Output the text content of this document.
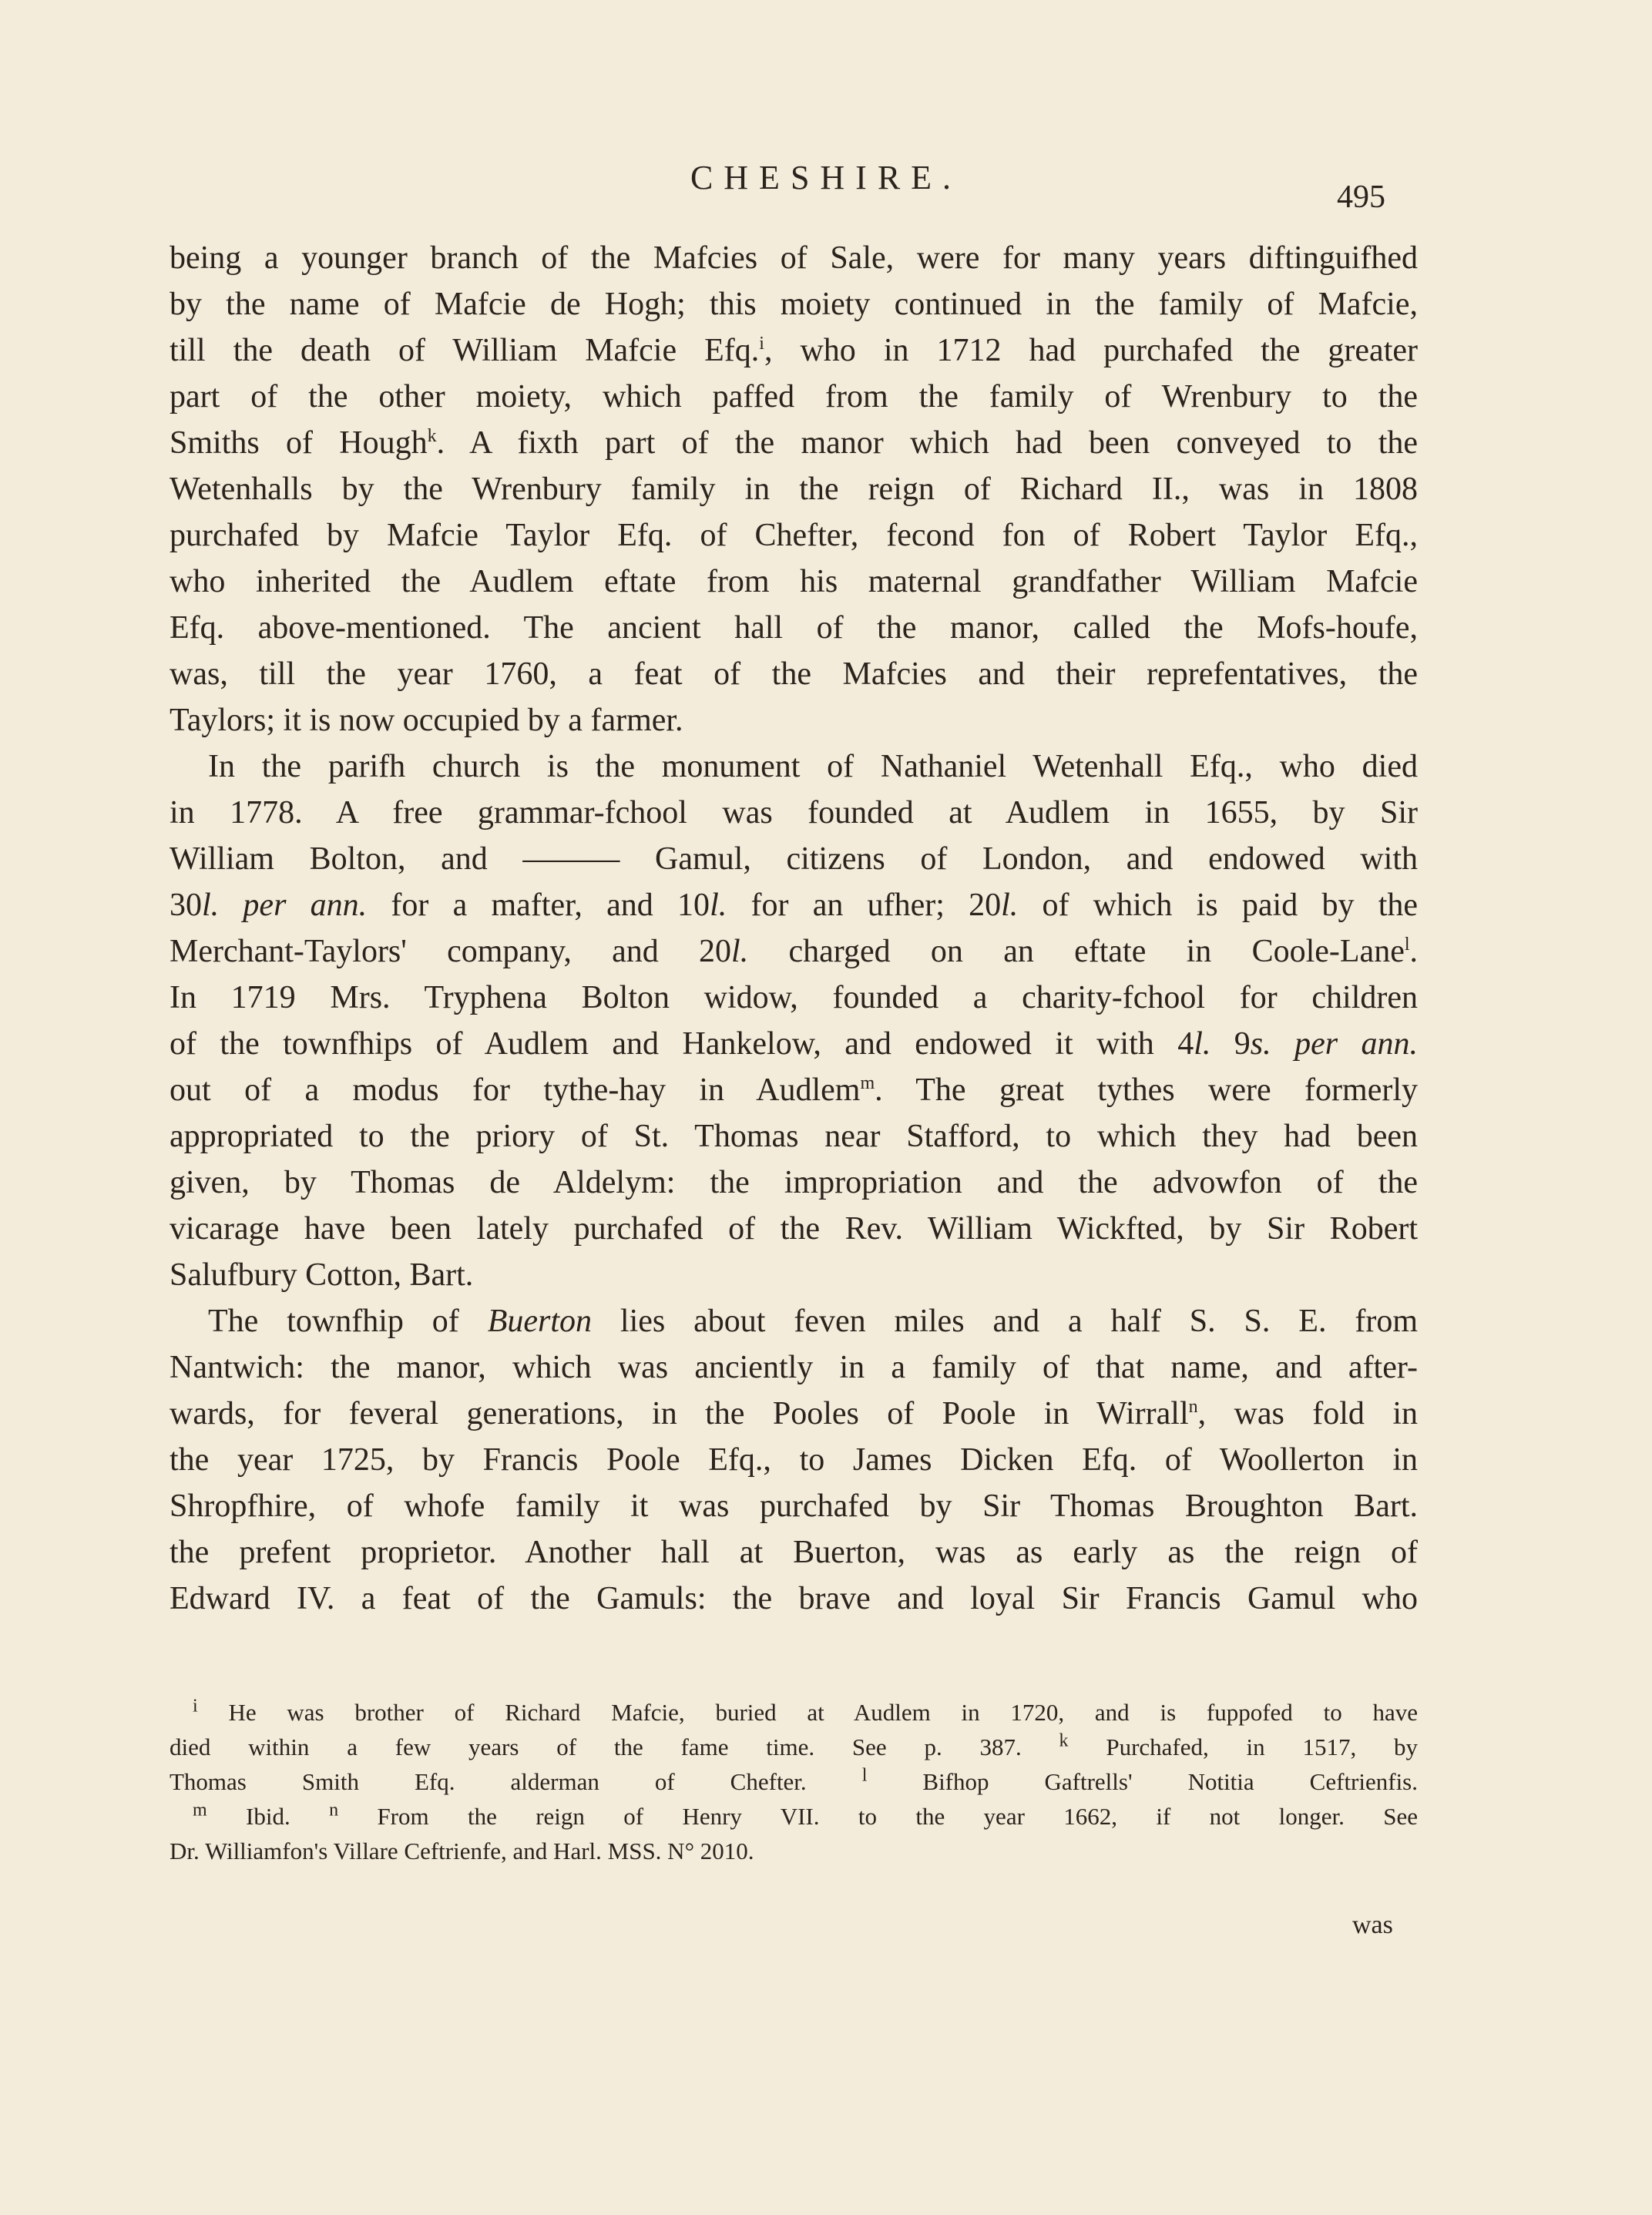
CHESHIRE.
495
being a younger branch of the Mafcies of Sale, were for many years diftinguifhed
by the name of Mafcie de Hogh; this moiety continued in the family of Mafcie,
till the death of William Mafcie Efq.$^i$, who in 1712 had purchafed the greater
part of the other moiety, which paffed from the family of Wrenbury to the
Smiths of Hough$^k$. A fixth part of the manor which had been conveyed to the
Wetenhalls by the Wrenbury family in the reign of Richard II., was in 1808
purchafed by Mafcie Taylor Efq. of Chefter, fecond fon of Robert Taylor Efq.,
who inherited the Audlem eftate from his maternal grandfather William Mafcie
Efq. above-mentioned. The ancient hall of the manor, called the Mofs-houfe,
was, till the year 1760, a feat of the Mafcies and their reprefentatives, the
Taylors; it is now occupied by a farmer.
In the parifh church is the monument of Nathaniel Wetenhall Efq., who died
in 1778. A free grammar-fchool was founded at Audlem in 1655, by Sir
William Bolton, and ——— Gamul, citizens of London, and endowed with
30l. per ann. for a mafter, and 10l. for an ufher; 20l. of which is paid by the
Merchant-Taylors' company, and 20l. charged on an eftate in Coole-Lane$^l$.
In 1719 Mrs. Tryphena Bolton widow, founded a charity-fchool for children
of the townfhips of Audlem and Hankelow, and endowed it with 4l. 9s. per ann.
out of a modus for tythe-hay in Audlem$^m$. The great tythes were formerly
appropriated to the priory of St. Thomas near Stafford, to which they had been
given, by Thomas de Aldelym: the impropriation and the advowfon of the
vicarage have been lately purchafed of the Rev. William Wickfted, by Sir Robert
Salufbury Cotton, Bart.
The townfhip of Buerton lies about feven miles and a half S. S. E. from
Nantwich: the manor, which was anciently in a family of that name, and after-
wards, for feveral generations, in the Pooles of Poole in Wirrall$^n$, was fold in
the year 1725, by Francis Poole Efq., to James Dicken Efq. of Woollerton in
Shropfhire, of whofe family it was purchafed by Sir Thomas Broughton Bart.
the prefent proprietor. Another hall at Buerton, was as early as the reign of
Edward IV. a feat of the Gamuls: the brave and loyal Sir Francis Gamul who
$^i$ He was brother of Richard Mafcie, buried at Audlem in 1720, and is fuppofed to have
died within a few years of the fame time. See p. 387. $^k$ Purchafed, in 1517, by
Thomas Smith Efq. alderman of Chefter.	$^l$ Bifhop Gaftrells' Notitia Ceftrienfis.
$^m$ Ibid. $^n$ From the reign of Henry VII. to the year 1662, if not longer. See
Dr. Williamfon's Villare Ceftrienfe, and Harl. MSS. N° 2010.
was
